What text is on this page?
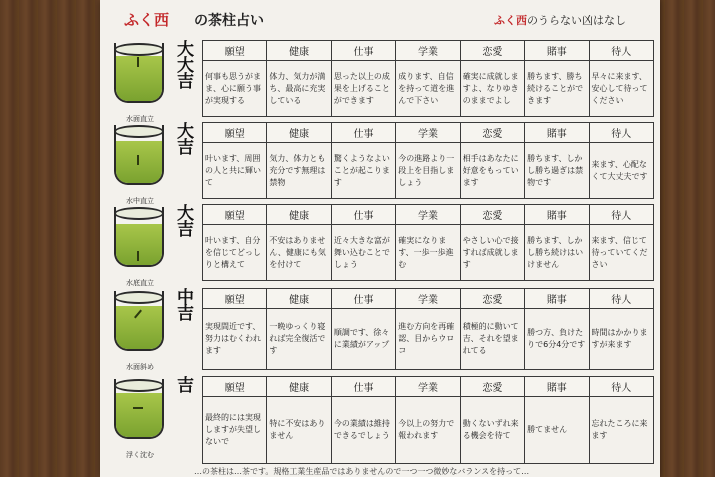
ふく西 の茶柱占い	ふく西のうらない凶はなし
水面直立
大大吉	願望	健康	仕事	学業	恋愛	賭事	待人
何事も思うがまま、心に願う事が実現する	体力、気力が満ち、最高に充実している	思った以上の成果を上げることができます	成ります、自信を持って道を進んで下さい	確実に成就しますよ、なりゆきのままでよし	勝ちます、勝ち続けることができます	早々に来ます、安心して待ってください
水中直立
大吉	願望	健康	仕事	学業	恋愛	賭事	待人
叶います、周囲の人と共に輝いて	気力、体力とも充分です無理は禁物	驚くようなよいことが起こります	今の進路より一段上を目指しましょう	相手はあなたに好意をもっています	勝ちます、しかし勝ち過ぎは禁物です	来ます、心配なくて大丈夫です
水底直立
大吉	願望	健康	仕事	学業	恋愛	賭事	待人
叶います、自分を信じてどっしりと構えて	不安はありません、健康にも気を付けて	近々大きな富が舞い込むことでしょう	確実になります、一歩一歩進む	やさしい心で接すれば成就します	勝ちます、しかし勝ち続けはいけません	来ます、信じて待っていてください
水面斜め
中吉	願望	健康	仕事	学業	恋愛	賭事	待人
実現間近です、努力はむくわれます	一晩ゆっくり寝れば完全復活です	順調です、徐々に業績がアップ	進む方向を再確認、目からウロコ	積極的に動いて吉、それを望まれてる	勝つ方、負けたりで6分4分です	時間はかかりますが来ます
浮く沈む
吉	願望	健康	仕事	学業	恋愛	賭事	待人
最終的には実現しますが失望しないで	特に不安はありません	今の業績は維持できるでしょう	今以上の努力で報われます	動くないずれ来る機会を待て	勝てません	忘れたころに来ます
…の茶柱は…茶です。規格工業生産品ではありませんので一つ一つ微妙なバランスを持って…
